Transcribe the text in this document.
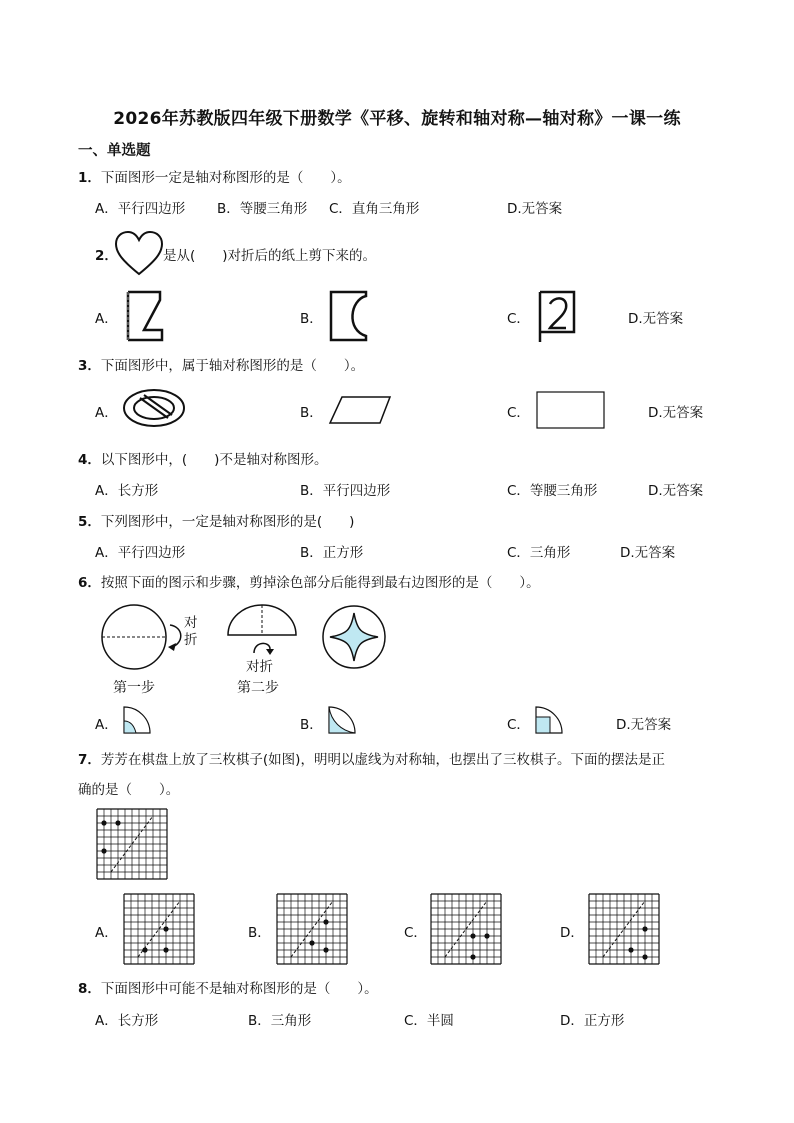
2026年苏教版四年级下册数学《平移、旋转和轴对称—轴对称》一课一练
一、单选题
1．下面图形一定是轴对称图形的是（　　）。
A．平行四边形 B．等腰三角形 C．直角三角形	D.无答案
2．	是从(　　)对折后的纸上剪下来的。
A．	B．	C．	D.无答案
3．下面图形中，属于轴对称图形的是（　　）。
A．	B．	C．	D.无答案
4．以下图形中，(　　)不是轴对称图形。
A．长方形	B．平行四边形	C．等腰三角形	D.无答案
5．下列图形中，一定是轴对称图形的是(　　)
A．平行四边形	B．正方形	C．三角形	D.无答案
6．按照下面的图示和步骤，剪掉涂色部分后能得到最右边图形的是（　　）。
对
折
第一步
对折
第二步
A．	B．	C．	D.无答案
7．芳芳在棋盘上放了三枚棋子(如图)，明明以虚线为对称轴，也摆出了三枚棋子。下面的摆法是正
确的是（　　）。
A．	B．	C．	D．
8．下面图形中可能不是轴对称图形的是（　　）。
A．长方形	B．三角形	C．半圆	D．正方形
